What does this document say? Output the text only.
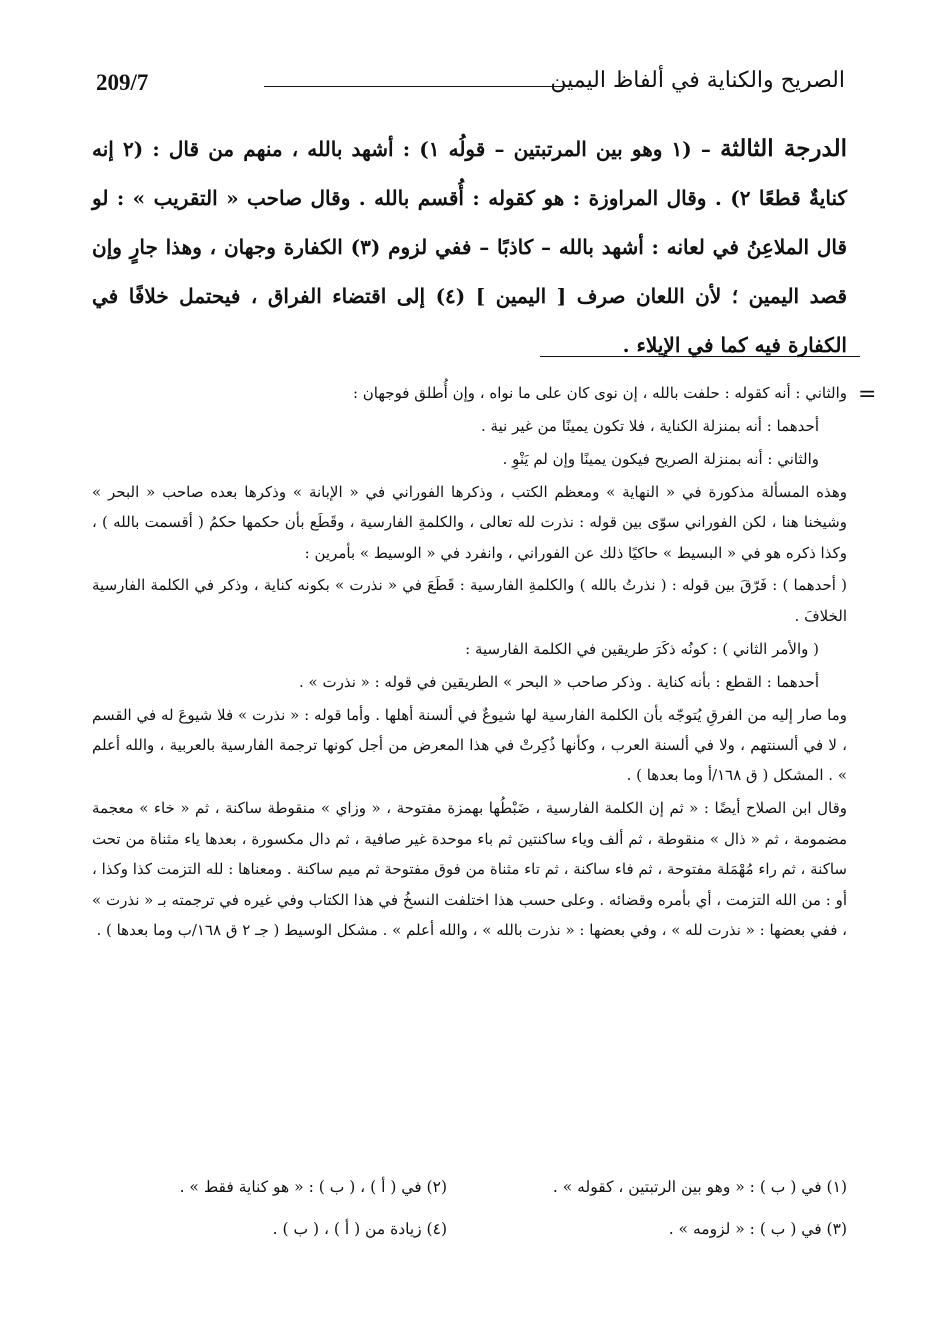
209/7	الصريح والكناية في ألفاظ اليمين

الدرجة الثالثة – (١ وهو بين المرتبتين – قولُه ١) : أشهد بالله ، منهم من قال : (٢ إنه كنايةٌ قطعًا ٢) . وقال المراوزة : هو كقوله : أُقسم بالله . وقال صاحب « التقريب » : لو قال الملاعِنُ في لعانه : أشهد بالله – كاذبًا – ففي لزوم (٣) الكفارة وجهان ، وهذا جارٍ وإن قصد اليمين ؛ لأن اللعان صرف [ اليمين ] (٤) إلى اقتضاء الفراق ، فيحتمل خلافًا في الكفارة فيه كما في الإيلاء .

=

والثاني : أنه كقوله : حلفت بالله ، إن نوى كان على ما نواه ، وإن أُطلق فوجهان :

أحدهما : أنه بمنزلة الكناية ، فلا تكون يمينًا من غير نية .

والثاني : أنه بمنزلة الصريح فيكون يمينًا وإن لم يَنْوِ .

وهذه المسألة مذكورة في « النهاية » ومعظم الكتب ، وذكرها الفوراني في « الإبانة » وذكرها بعده صاحب « البحر » وشيخنا هنا ، لكن الفوراني سوّى بين قوله : نذرت لله تعالى ، والكلمةِ الفارسية ، وقَطَع بأن حكمها حكمُ ( أقسمت بالله ) ، وكذا ذكره هو في « البسيط » حاكيًا ذلك عن الفوراني ، وانفرد في « الوسيط » بأمرين :

( أحدهما ) : فَرّقَ بين قوله : ( نذرتُ بالله ) والكلمةِ الفارسية : قَطَعَ في « نذرت » بكونه كناية ، وذكر في الكلمة الفارسية الخلافَ .

( والأمر الثاني ) : كونُه ذكَرَ طريقين في الكلمة الفارسية :

أحدهما : القطع : بأنه كناية . وذكر صاحب « البحر » الطريقين في قوله : « نذرت » .

وما صار إليه من الفرقِ يُتوجّه بأن الكلمة الفارسية لها شيوعٌ في ألسنة أهلها . وأما قوله : « نذرت » فلا شيوعَ له في القسم ، لا في ألسنتهم ، ولا في ألسنة العرب ، وكأنها ذُكِرتْ في هذا المعرض من أجل كونها ترجمة الفارسية بالعربية ، والله أعلم » . المشكل ( ق ١٦٨/أ وما بعدها ) .

وقال ابن الصلاح أيضًا : « ثم إن الكلمة الفارسية ، ضَبْطُها بهمزة مفتوحة ، « وزاي » منقوطة ساكنة ، ثم « خاء » معجمة مضمومة ، ثم « ذال » منقوطة ، ثم ألف وياء ساكنتين ثم باء موحدة غير صافية ، ثم دال مكسورة ، بعدها ياء مثناة من تحت ساكنة ، ثم راء مُهْمَلة مفتوحة ، ثم فاء ساكنة ، ثم تاء مثناة من فوق مفتوحة ثم ميم ساكنة . ومعناها : لله التزمت كذا وكذا ، أو : من الله التزمت ، أي بأمره وقضائه . وعلى حسب هذا اختلفت النسخُ في هذا الكتاب وفي غيره في ترجمته بـ « نذرت » ، ففي بعضها : « نذرت لله » ، وفي بعضها : « نذرت بالله » ، والله أعلم » . مشكل الوسيط ( جـ ٢ ق ١٦٨/ب وما بعدها ) .

(١) في ( ب ) : « وهو بين الرتبتين ، كقوله » .
(٢) في ( أ ) ، ( ب ) : « هو كناية فقط » .
(٣) في ( ب ) : « لزومه » .
(٤) زيادة من ( أ ) ، ( ب ) .
